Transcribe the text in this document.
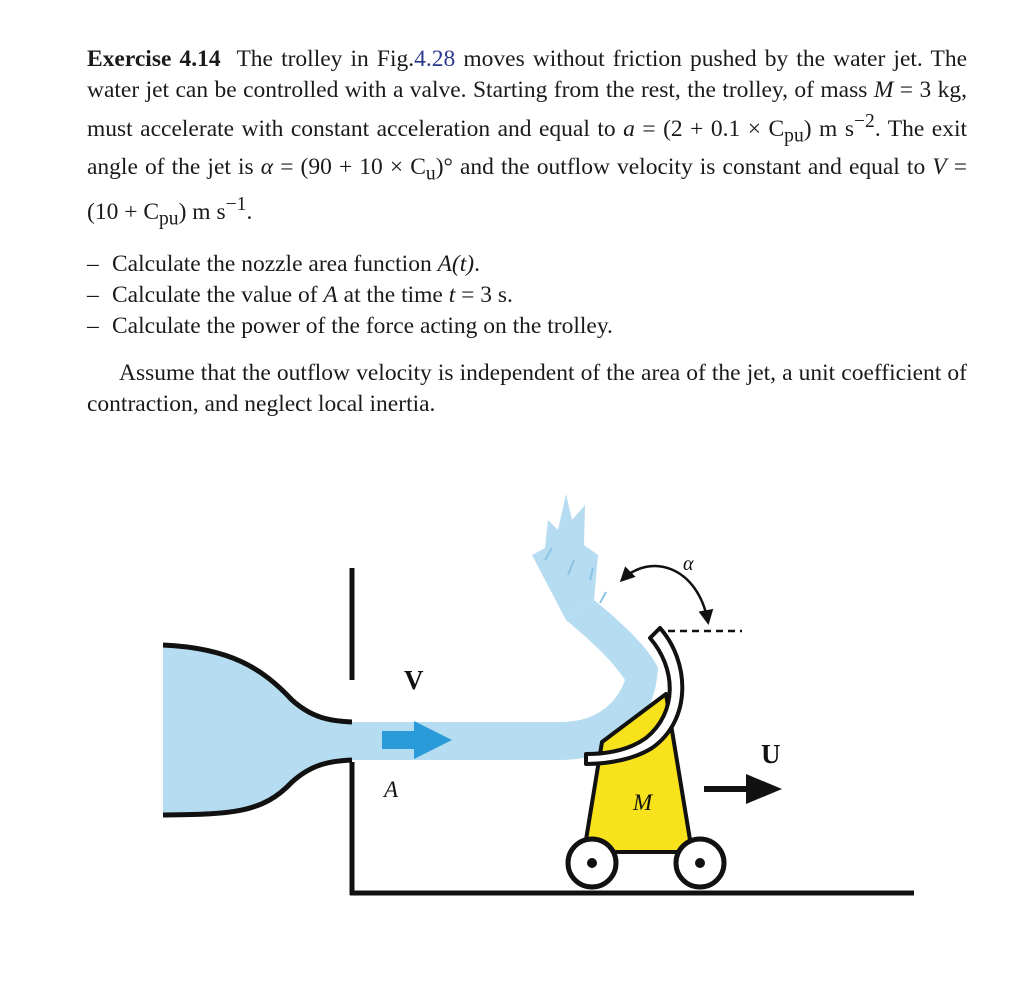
Exercise 4.14 The trolley in Fig.4.28 moves without friction pushed by the water jet. The water jet can be controlled with a valve. Starting from the rest, the trolley, of mass M = 3 kg, must accelerate with constant acceleration and equal to $a = (2 + 0.1 \times C_{pu})$ m $s^{-2}$. The exit angle of the jet is $\alpha = (90 + 10 \times C_u)^\circ$ and the outflow velocity is constant and equal to $V = (10 + C_{pu})$ m $s^{-1}$.

– Calculate the nozzle area function A(t).
– Calculate the value of A at the time t = 3 s.
– Calculate the power of the force acting on the trolley.

Assume that the outflow velocity is independent of the area of the jet, a unit coefficient of contraction, and neglect local inertia.

V
A
M
U
α
